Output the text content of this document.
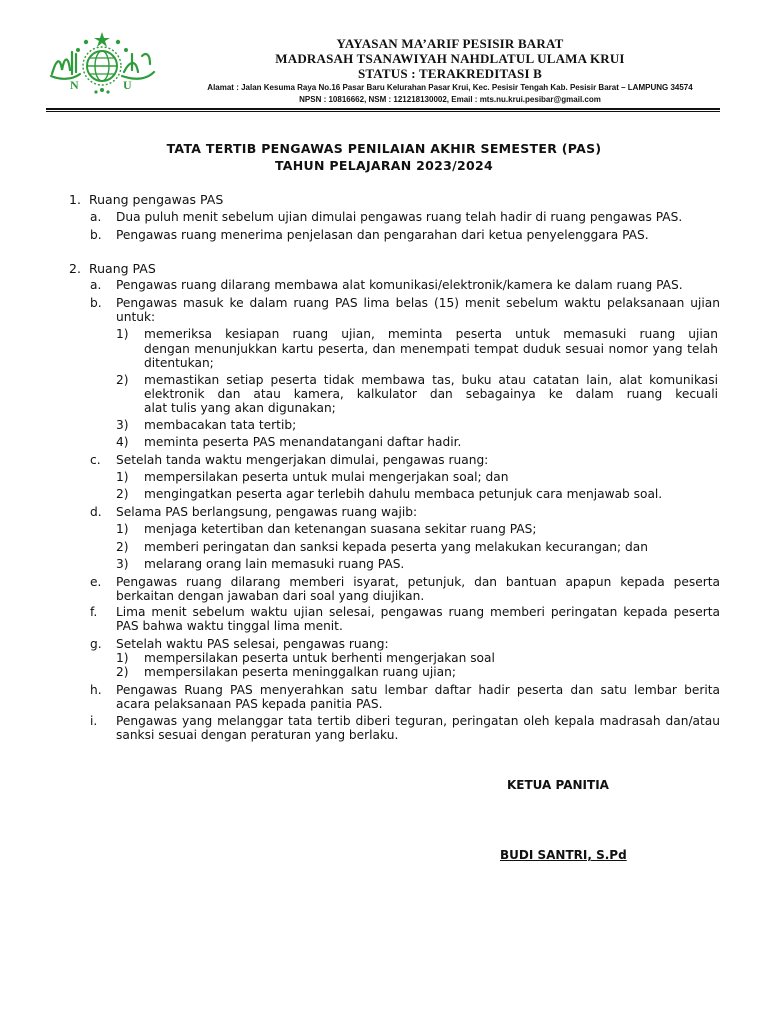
N	U
YAYASAN MA’ARIF PESISIR BARAT
MADRASAH TSANAWIYAH NAHDLATUL ULAMA KRUI
STATUS : TERAKREDITASI B
Alamat : Jalan Kesuma Raya No.16 Pasar Baru Kelurahan Pasar Krui, Kec. Pesisir Tengah Kab. Pesisir Barat – LAMPUNG 34574
NPSN : 10816662, NSM : 121218130002, Email : mts.nu.krui.pesibar@gmail.com
TATA TERTIB PENGAWAS PENILAIAN AKHIR SEMESTER (PAS)
TAHUN PELAJARAN 2023/2024
1. Ruang pengawas PAS
a. Dua puluh menit sebelum ujian dimulai pengawas ruang telah hadir di ruang pengawas PAS.
b. Pengawas ruang menerima penjelasan dan pengarahan dari ketua penyelenggara PAS.
2. Ruang PAS
a. Pengawas ruang dilarang membawa alat komunikasi/elektronik/kamera ke dalam ruang PAS.
b. Pengawas masuk ke dalam ruang PAS lima belas (15) menit sebelum waktu pelaksanaan ujian
untuk:
1) memeriksa kesiapan ruang ujian, meminta peserta untuk memasuki ruang ujian
dengan menunjukkan kartu peserta, dan menempati tempat duduk sesuai nomor yang telah
ditentukan;
2) memastikan setiap peserta tidak membawa tas, buku atau catatan lain, alat komunikasi
elektronik dan atau kamera, kalkulator dan sebagainya ke dalam ruang kecuali
alat tulis yang akan digunakan;
3) membacakan tata tertib;
4) meminta peserta PAS menandatangani daftar hadir.
c. Setelah tanda waktu mengerjakan dimulai, pengawas ruang:
1) mempersilakan peserta untuk mulai mengerjakan soal; dan
2) mengingatkan peserta agar terlebih dahulu membaca petunjuk cara menjawab soal.
d. Selama PAS berlangsung, pengawas ruang wajib:
1) menjaga ketertiban dan ketenangan suasana sekitar ruang PAS;
2) memberi peringatan dan sanksi kepada peserta yang melakukan kecurangan; dan
3) melarang orang lain memasuki ruang PAS.
e. Pengawas ruang dilarang memberi isyarat, petunjuk, dan bantuan apapun kepada peserta
berkaitan dengan jawaban dari soal yang diujikan.
f. Lima menit sebelum waktu ujian selesai, pengawas ruang memberi peringatan kepada peserta
PAS bahwa waktu tinggal lima menit.
g. Setelah waktu PAS selesai, pengawas ruang:
1) mempersilakan peserta untuk berhenti mengerjakan soal
2) mempersilakan peserta meninggalkan ruang ujian;
h. Pengawas Ruang PAS menyerahkan satu lembar daftar hadir peserta dan satu lembar berita
acara pelaksanaan PAS kepada panitia PAS.
i. Pengawas yang melanggar tata tertib diberi teguran, peringatan oleh kepala madrasah dan/atau
sanksi sesuai dengan peraturan yang berlaku.
KETUA PANITIA
BUDI SANTRI, S.Pd
